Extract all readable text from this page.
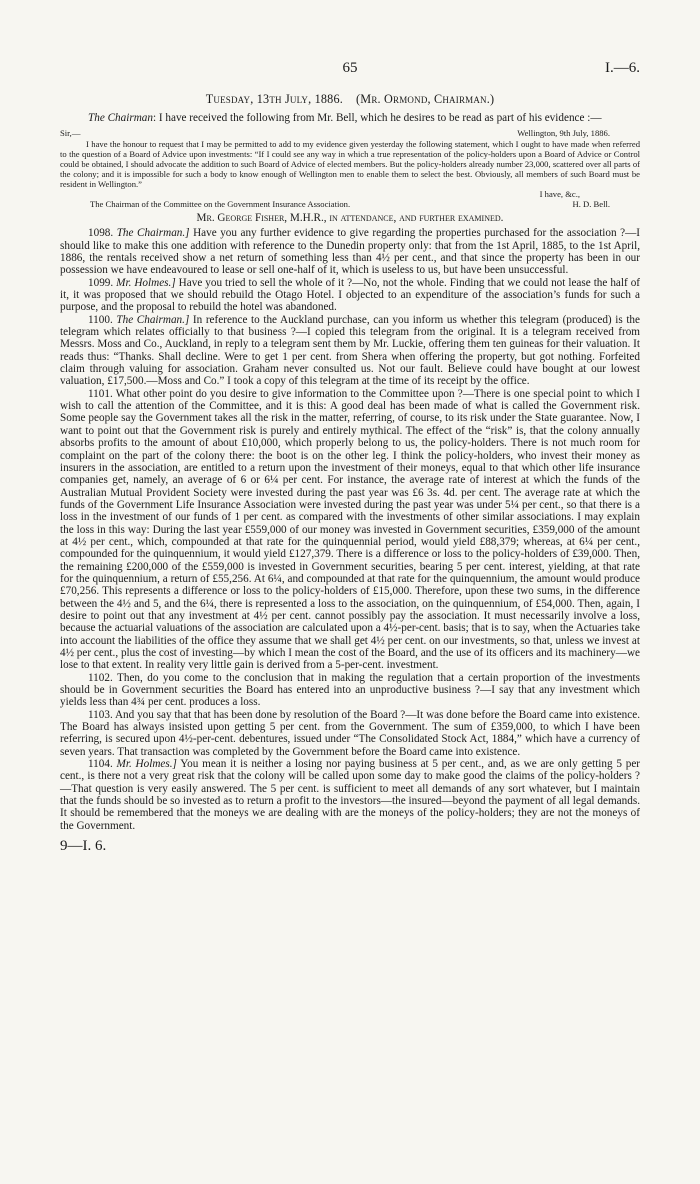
65	I.—6.
Tuesday, 13th July, 1886. (Mr. Ormond, Chairman.)

The Chairman: I have received the following from Mr. Bell, which he desires to be read as part of his evidence :—

Sir,—	Wellington, 9th July, 1886.

I have the honour to request that I may be permitted to add to my evidence given yesterday the following statement, which I ought to have made when referred to the question of a Board of Advice upon investments: “If I could see any way in which a true representation of the policy-holders upon a Board of Advice or Control could be obtained, I should advocate the addition to such Board of Advice of elected members. But the policy-holders already number 23,000, scattered over all parts of the colony; and it is impossible for such a body to know enough of Wellington men to enable them to select the best. Obviously, all members of such Board must be resident in Wellington.”

I have, &c.,
The Chairman of the Committee on the Government Insurance Association.	H. D. Bell.
Mr. George Fisher, M.H.R., in attendance, and further examined.

1098. The Chairman.] Have you any further evidence to give regarding the properties purchased for the association ?—I should like to make this one addition with reference to the Dunedin property only: that from the 1st April, 1885, to the 1st April, 1886, the rentals received show a net return of something less than 4½ per cent., and that since the property has been in our possession we have endeavoured to lease or sell one-half of it, which is useless to us, but have been unsuccessful.

1099. Mr. Holmes.] Have you tried to sell the whole of it ?—No, not the whole. Finding that we could not lease the half of it, it was proposed that we should rebuild the Otago Hotel. I objected to an expenditure of the association’s funds for such a purpose, and the proposal to rebuild the hotel was abandoned.

1100. The Chairman.] In reference to the Auckland purchase, can you inform us whether this telegram (produced) is the telegram which relates officially to that business ?—I copied this telegram from the original. It is a telegram received from Messrs. Moss and Co., Auckland, in reply to a telegram sent them by Mr. Luckie, offering them ten guineas for their valuation. It reads thus: “Thanks. Shall decline. Were to get 1 per cent. from Shera when offering the property, but got nothing. Forfeited claim through valuing for association. Graham never consulted us. Not our fault. Believe could have bought at our lowest valuation, £17,500.—Moss and Co.” I took a copy of this telegram at the time of its receipt by the office.

1101. What other point do you desire to give information to the Committee upon ?—There is one special point to which I wish to call the attention of the Committee, and it is this: A good deal has been made of what is called the Government risk. Some people say the Government takes all the risk in the matter, referring, of course, to its risk under the State guarantee. Now, I want to point out that the Government risk is purely and entirely mythical. The effect of the “risk” is, that the colony annually absorbs profits to the amount of about £10,000, which properly belong to us, the policy-holders. There is not much room for complaint on the part of the colony there: the boot is on the other leg. I think the policy-holders, who invest their money as insurers in the association, are entitled to a return upon the investment of their moneys, equal to that which other life insurance companies get, namely, an average of 6 or 6¼ per cent. For instance, the average rate of interest at which the funds of the Australian Mutual Provident Society were invested during the past year was £6 3s. 4d. per cent. The average rate at which the funds of the Government Life Insurance Association were invested during the past year was under 5¼ per cent., so that there is a loss in the investment of our funds of 1 per cent. as compared with the investments of other similar associations. I may explain the loss in this way: During the last year £559,000 of our money was invested in Government securities, £359,000 of the amount at 4½ per cent., which, compounded at that rate for the quinquennial period, would yield £88,379; whereas, at 6¼ per cent., compounded for the quinquennium, it would yield £127,379. There is a difference or loss to the policy-holders of £39,000. Then, the remaining £200,000 of the £559,000 is invested in Government securities, bearing 5 per cent. interest, yielding, at that rate for the quinquennium, a return of £55,256. At 6¼, and compounded at that rate for the quinquennium, the amount would produce £70,256. This represents a difference or loss to the policy-holders of £15,000. Therefore, upon these two sums, in the difference between the 4½ and 5, and the 6¼, there is represented a loss to the association, on the quinquennium, of £54,000. Then, again, I desire to point out that any investment at 4½ per cent. cannot possibly pay the association. It must necessarily involve a loss, because the actuarial valuations of the association are calculated upon a 4½-per-cent. basis; that is to say, when the Actuaries take into account the liabilities of the office they assume that we shall get 4½ per cent. on our investments, so that, unless we invest at 4½ per cent., plus the cost of investing—by which I mean the cost of the Board, and the use of its officers and its machinery—we lose to that extent. In reality very little gain is derived from a 5-per-cent. investment.

1102. Then, do you come to the conclusion that in making the regulation that a certain proportion of the investments should be in Government securities the Board has entered into an unproductive business ?—I say that any investment which yields less than 4¾ per cent. produces a loss.

1103. And you say that that has been done by resolution of the Board ?—It was done before the Board came into existence. The Board has always insisted upon getting 5 per cent. from the Government. The sum of £359,000, to which I have been referring, is secured upon 4½-per-cent. debentures, issued under “The Consolidated Stock Act, 1884,” which have a currency of seven years. That transaction was completed by the Government before the Board came into existence.

1104. Mr. Holmes.] You mean it is neither a losing nor paying business at 5 per cent., and, as we are only getting 5 per cent., is there not a very great risk that the colony will be called upon some day to make good the claims of the policy-holders ?—That question is very easily answered. The 5 per cent. is sufficient to meet all demands of any sort whatever, but I maintain that the funds should be so invested as to return a profit to the investors—the insured—beyond the payment of all legal demands. It should be remembered that the moneys we are dealing with are the moneys of the policy-holders; they are not the moneys of the Government.

9—I. 6.
